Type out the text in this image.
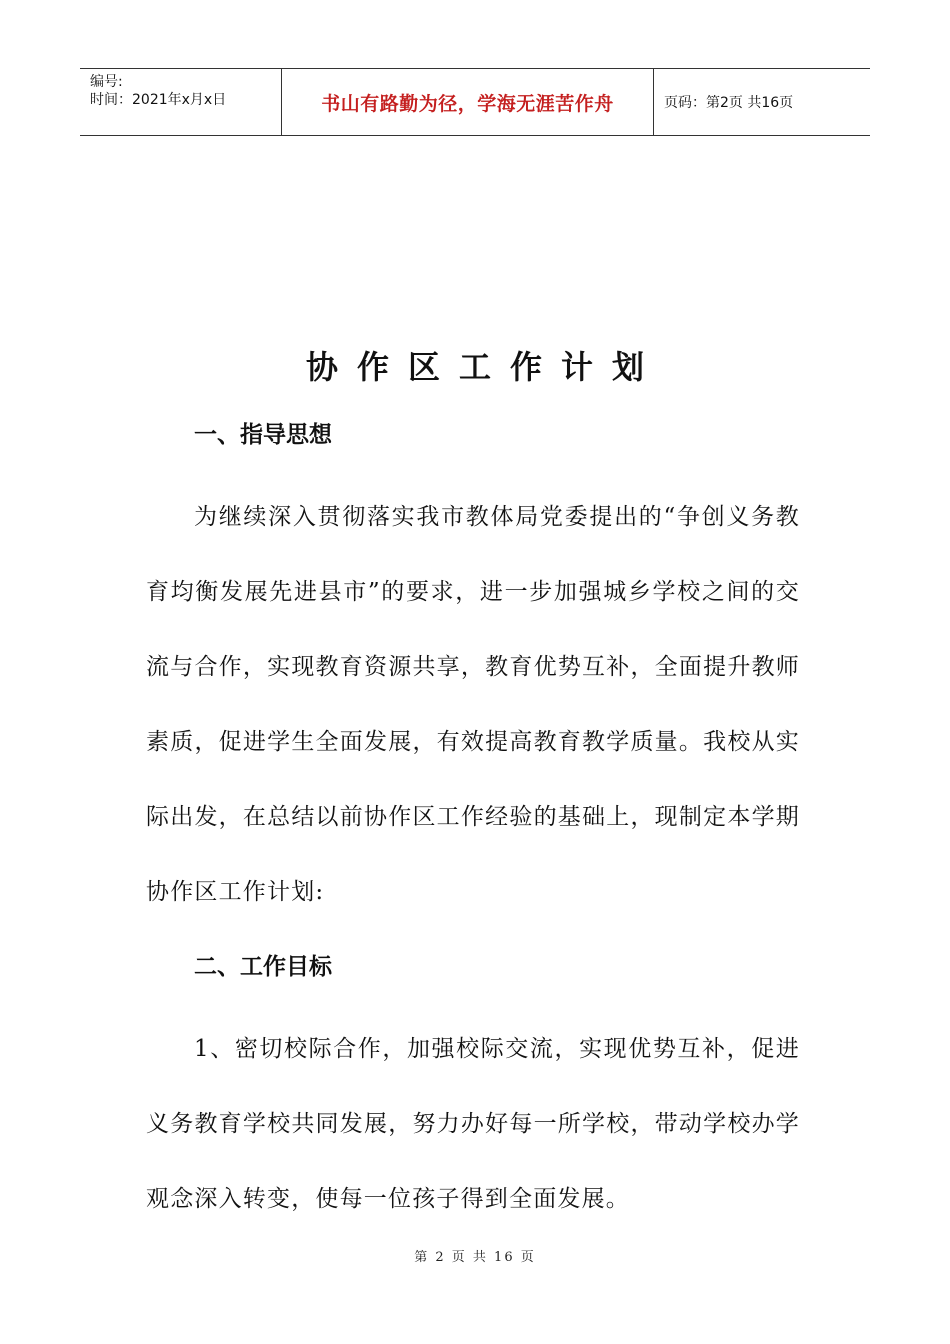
编号:
时间：2021年x月x日	书山有路勤为径，学海无涯苦作舟	页码：第2页 共16页
协作区工作计划

一、指导思想

为继续深入贯彻落实我市教体局党委提出的“争创义务教育均衡发展先进县市”的要求，进一步加强城乡学校之间的交流与合作，实现教育资源共享，教育优势互补，全面提升教师素质，促进学生全面发展，有效提高教育教学质量。我校从实际出发，在总结以前协作区工作经验的基础上，现制定本学期协作区工作计划:

二、工作目标

1、密切校际合作，加强校际交流，实现优势互补，促进义务教育学校共同发展，努力办好每一所学校，带动学校办学观念深入转变，使每一位孩子得到全面发展。

第 2 页 共 16 页
